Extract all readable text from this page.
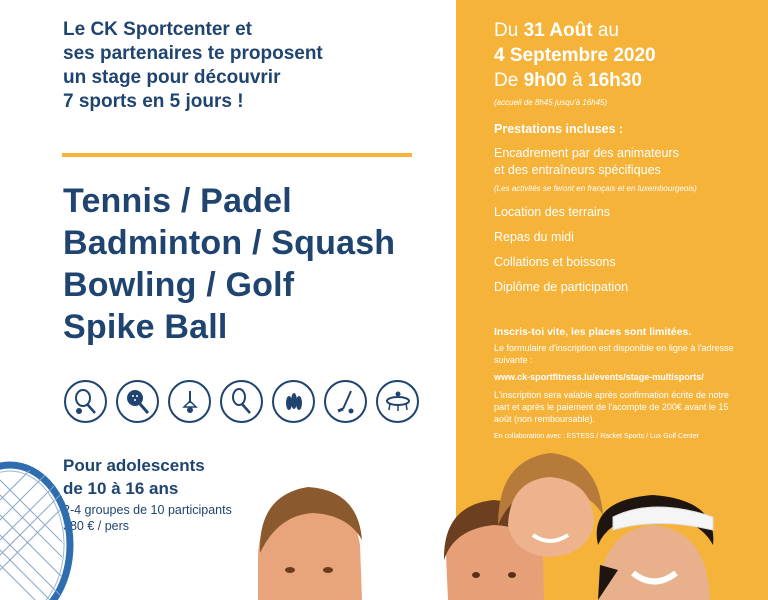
Le CK Sportcenter et
ses partenaires te proposent
un stage pour découvrir
7 sports en 5 jours !
Tennis / Padel
Badminton / Squash
Bowling / Golf
Spike Ball
Pour adolescents
de 10 à 16 ans
2-4 groupes de 10 participants
380 € / pers
Du 31 Août au
4 Septembre 2020
De 9h00 à 16h30
(accueil de 8h45 jusqu'à 16h45)
Prestations incluses :
Encadrement par des animateurs
et des entraîneurs spécifiques
(Les activités se feront en français et en luxembourgeois)
Location des terrains
Repas du midi
Collations et boissons
Diplôme de participation
Inscris-toi vite, les places sont limitées.
Le formulaire d'inscription est disponible en ligne à l'adresse suivante :
www.ck-sportfitness.lu/events/stage-multisports/
L'inscription sera valable après confirmation écrite de notre part et après le paiement de l'acompte de 200€ avant le 15 août (non remboursable).
En collaboration avec : ESTESS / Racket Sports / Lux Golf Center
